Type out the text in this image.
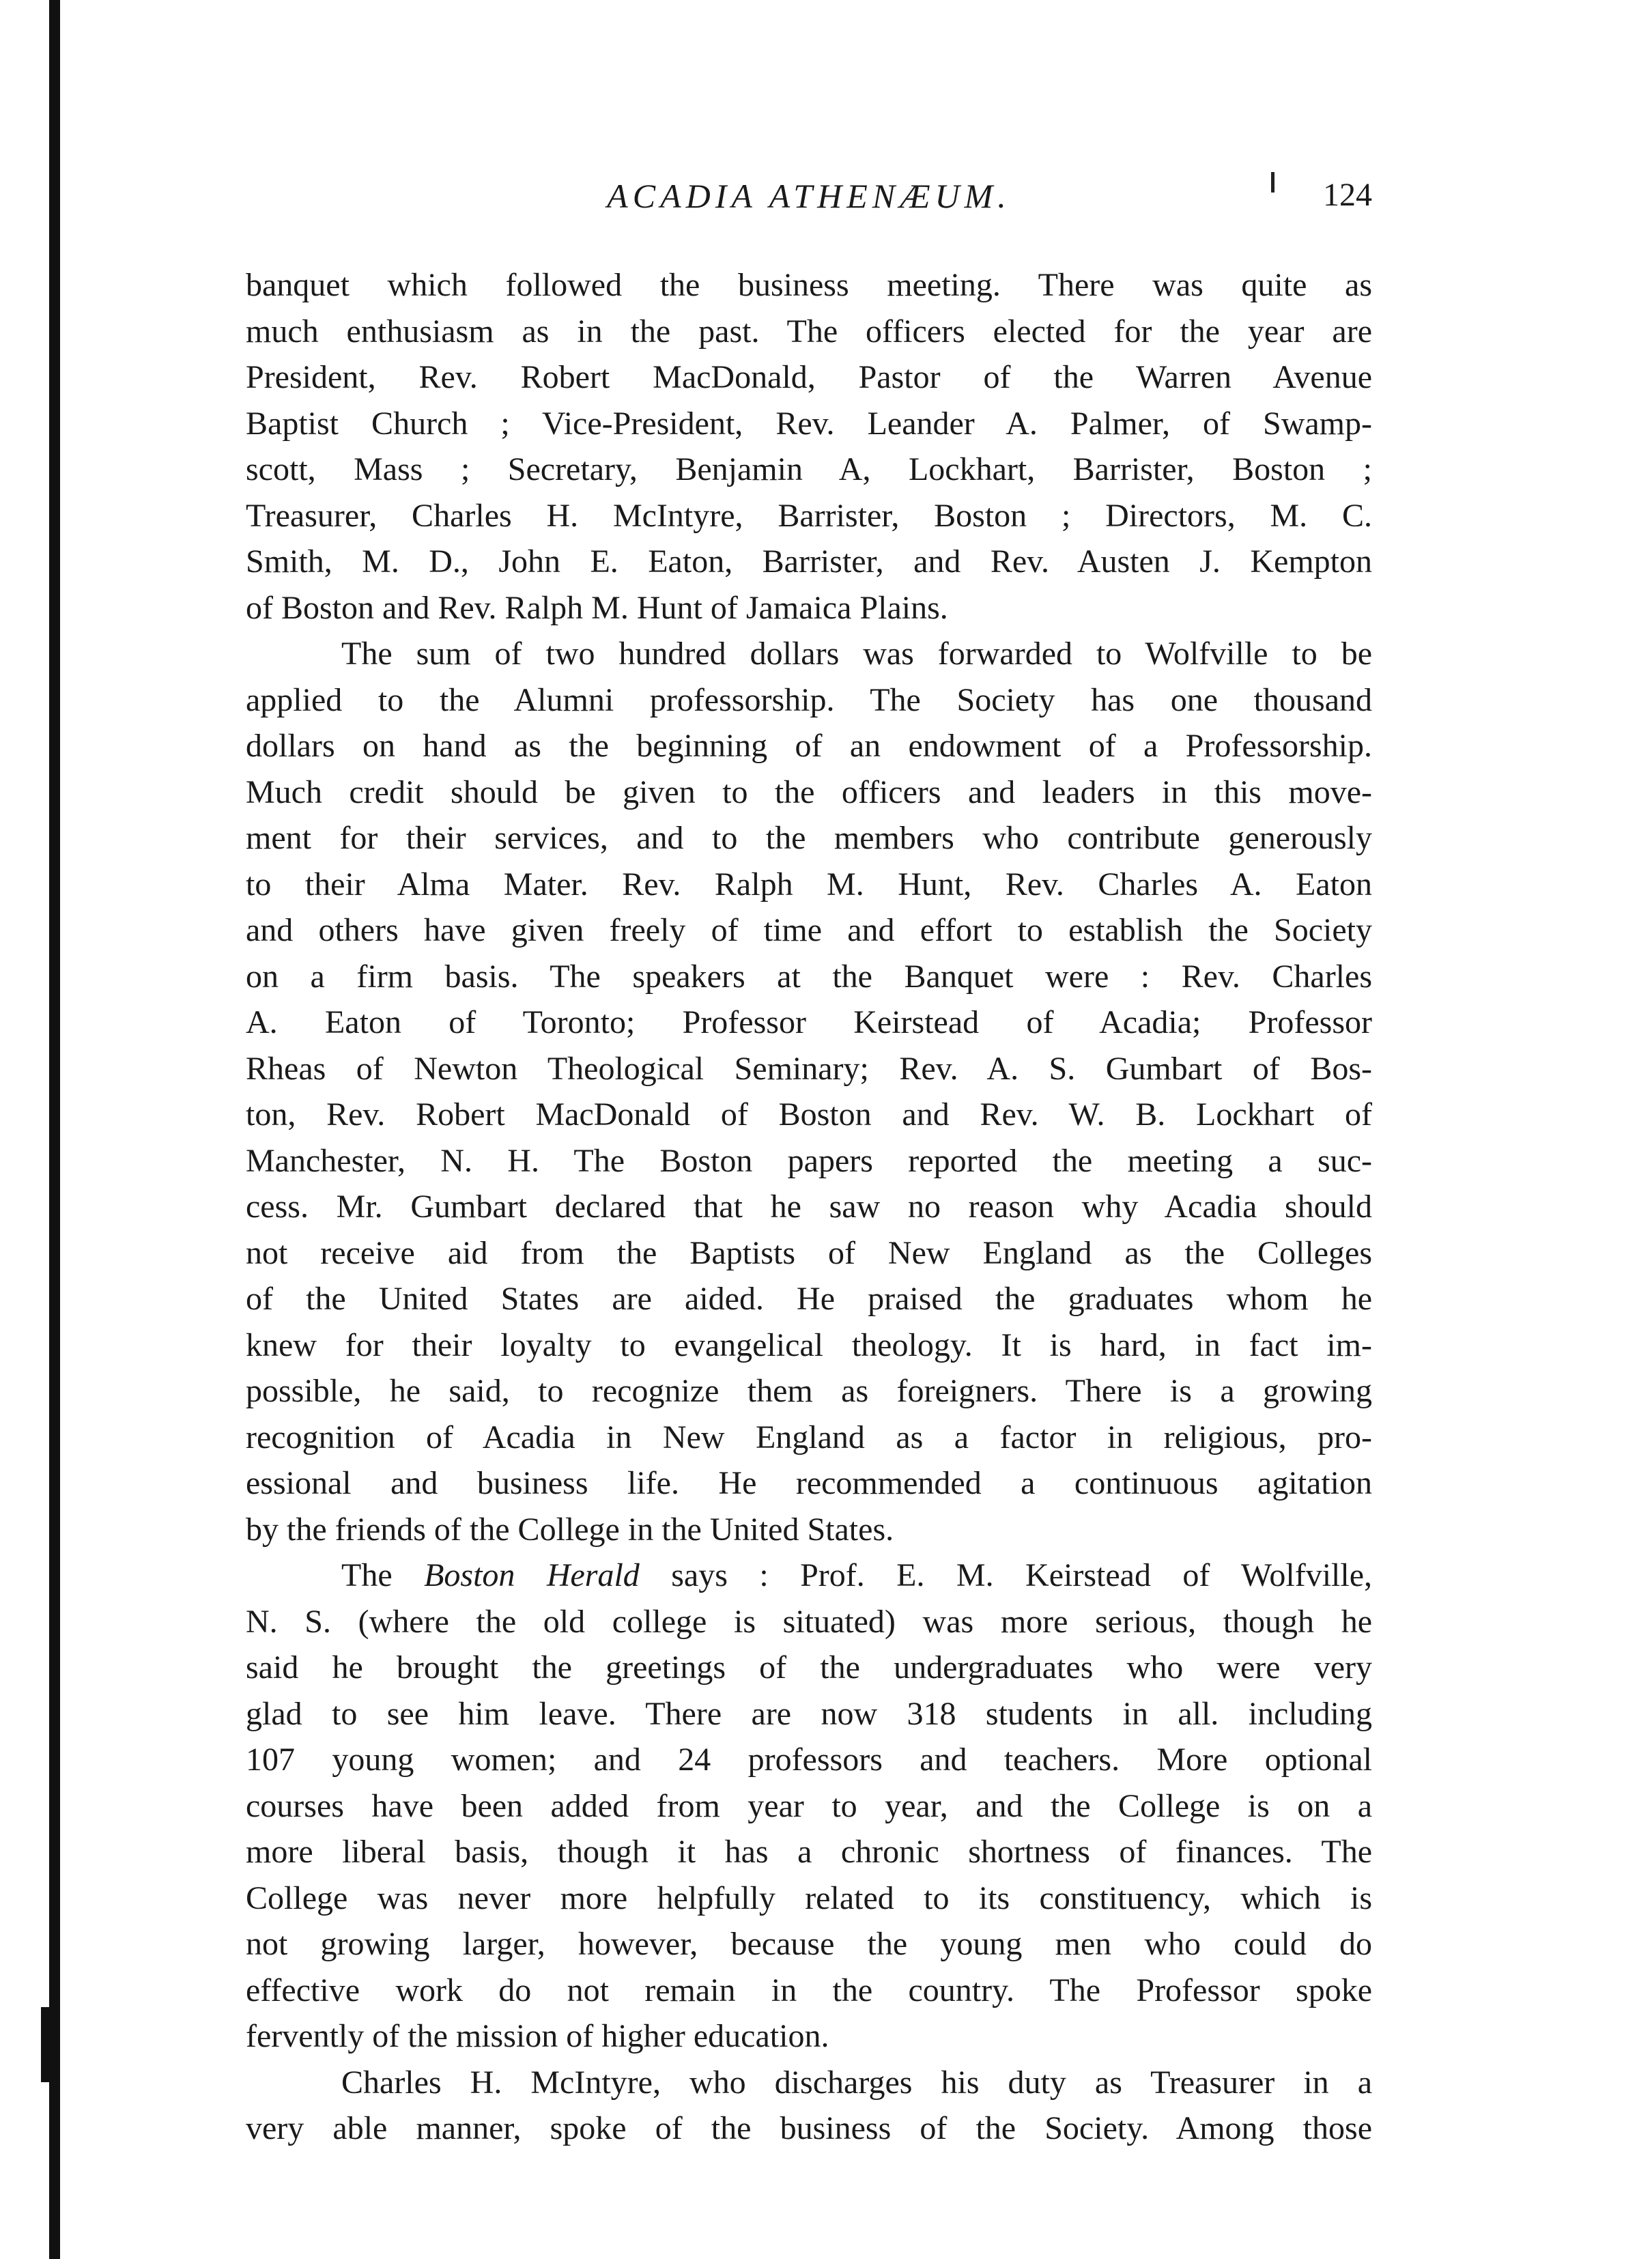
ACADIA ATHENÆUM.	124
banquet which followed the business meeting. There was quite as
much enthusiasm as in the past. The officers elected for the year are
President, Rev. Robert MacDonald, Pastor of the Warren Avenue
Baptist Church ; Vice-President, Rev. Leander A. Palmer, of Swamp-
scott, Mass ; Secretary, Benjamin A, Lockhart, Barrister, Boston ;
Treasurer, Charles H. McIntyre, Barrister, Boston ; Directors, M. C.
Smith, M. D., John E. Eaton, Barrister, and Rev. Austen J. Kempton
of Boston and Rev. Ralph M. Hunt of Jamaica Plains.
The sum of two hundred dollars was forwarded to Wolfville to be
applied to the Alumni professorship. The Society has one thousand
dollars on hand as the beginning of an endowment of a Professorship.
Much credit should be given to the officers and leaders in this move-
ment for their services, and to the members who contribute generously
to their Alma Mater. Rev. Ralph M. Hunt, Rev. Charles A. Eaton
and others have given freely of time and effort to establish the Society
on a firm basis. The speakers at the Banquet were : Rev. Charles
A. Eaton of Toronto; Professor Keirstead of Acadia; Professor
Rheas of Newton Theological Seminary; Rev. A. S. Gumbart of Bos-
ton, Rev. Robert MacDonald of Boston and Rev. W. B. Lockhart of
Manchester, N. H. The Boston papers reported the meeting a suc-
cess. Mr. Gumbart declared that he saw no reason why Acadia should
not receive aid from the Baptists of New England as the Colleges
of the United States are aided. He praised the graduates whom he
knew for their loyalty to evangelical theology. It is hard, in fact im-
possible, he said, to recognize them as foreigners. There is a growing
recognition of Acadia in New England as a factor in religious, pro-
essional and business life. He recommended a continuous agitation
by the friends of the College in the United States.
The Boston Herald says : Prof. E. M. Keirstead of Wolfville,
N. S. (where the old college is situated) was more serious, though he
said he brought the greetings of the undergraduates who were very
glad to see him leave. There are now 318 students in all. including
107 young women; and 24 professors and teachers. More optional
courses have been added from year to year, and the College is on a
more liberal basis, though it has a chronic shortness of finances. The
College was never more helpfully related to its constituency, which is
not growing larger, however, because the young men who could do
effective work do not remain in the country. The Professor spoke
fervently of the mission of higher education.
Charles H. McIntyre, who discharges his duty as Treasurer in a
very able manner, spoke of the business of the Society. Among those
